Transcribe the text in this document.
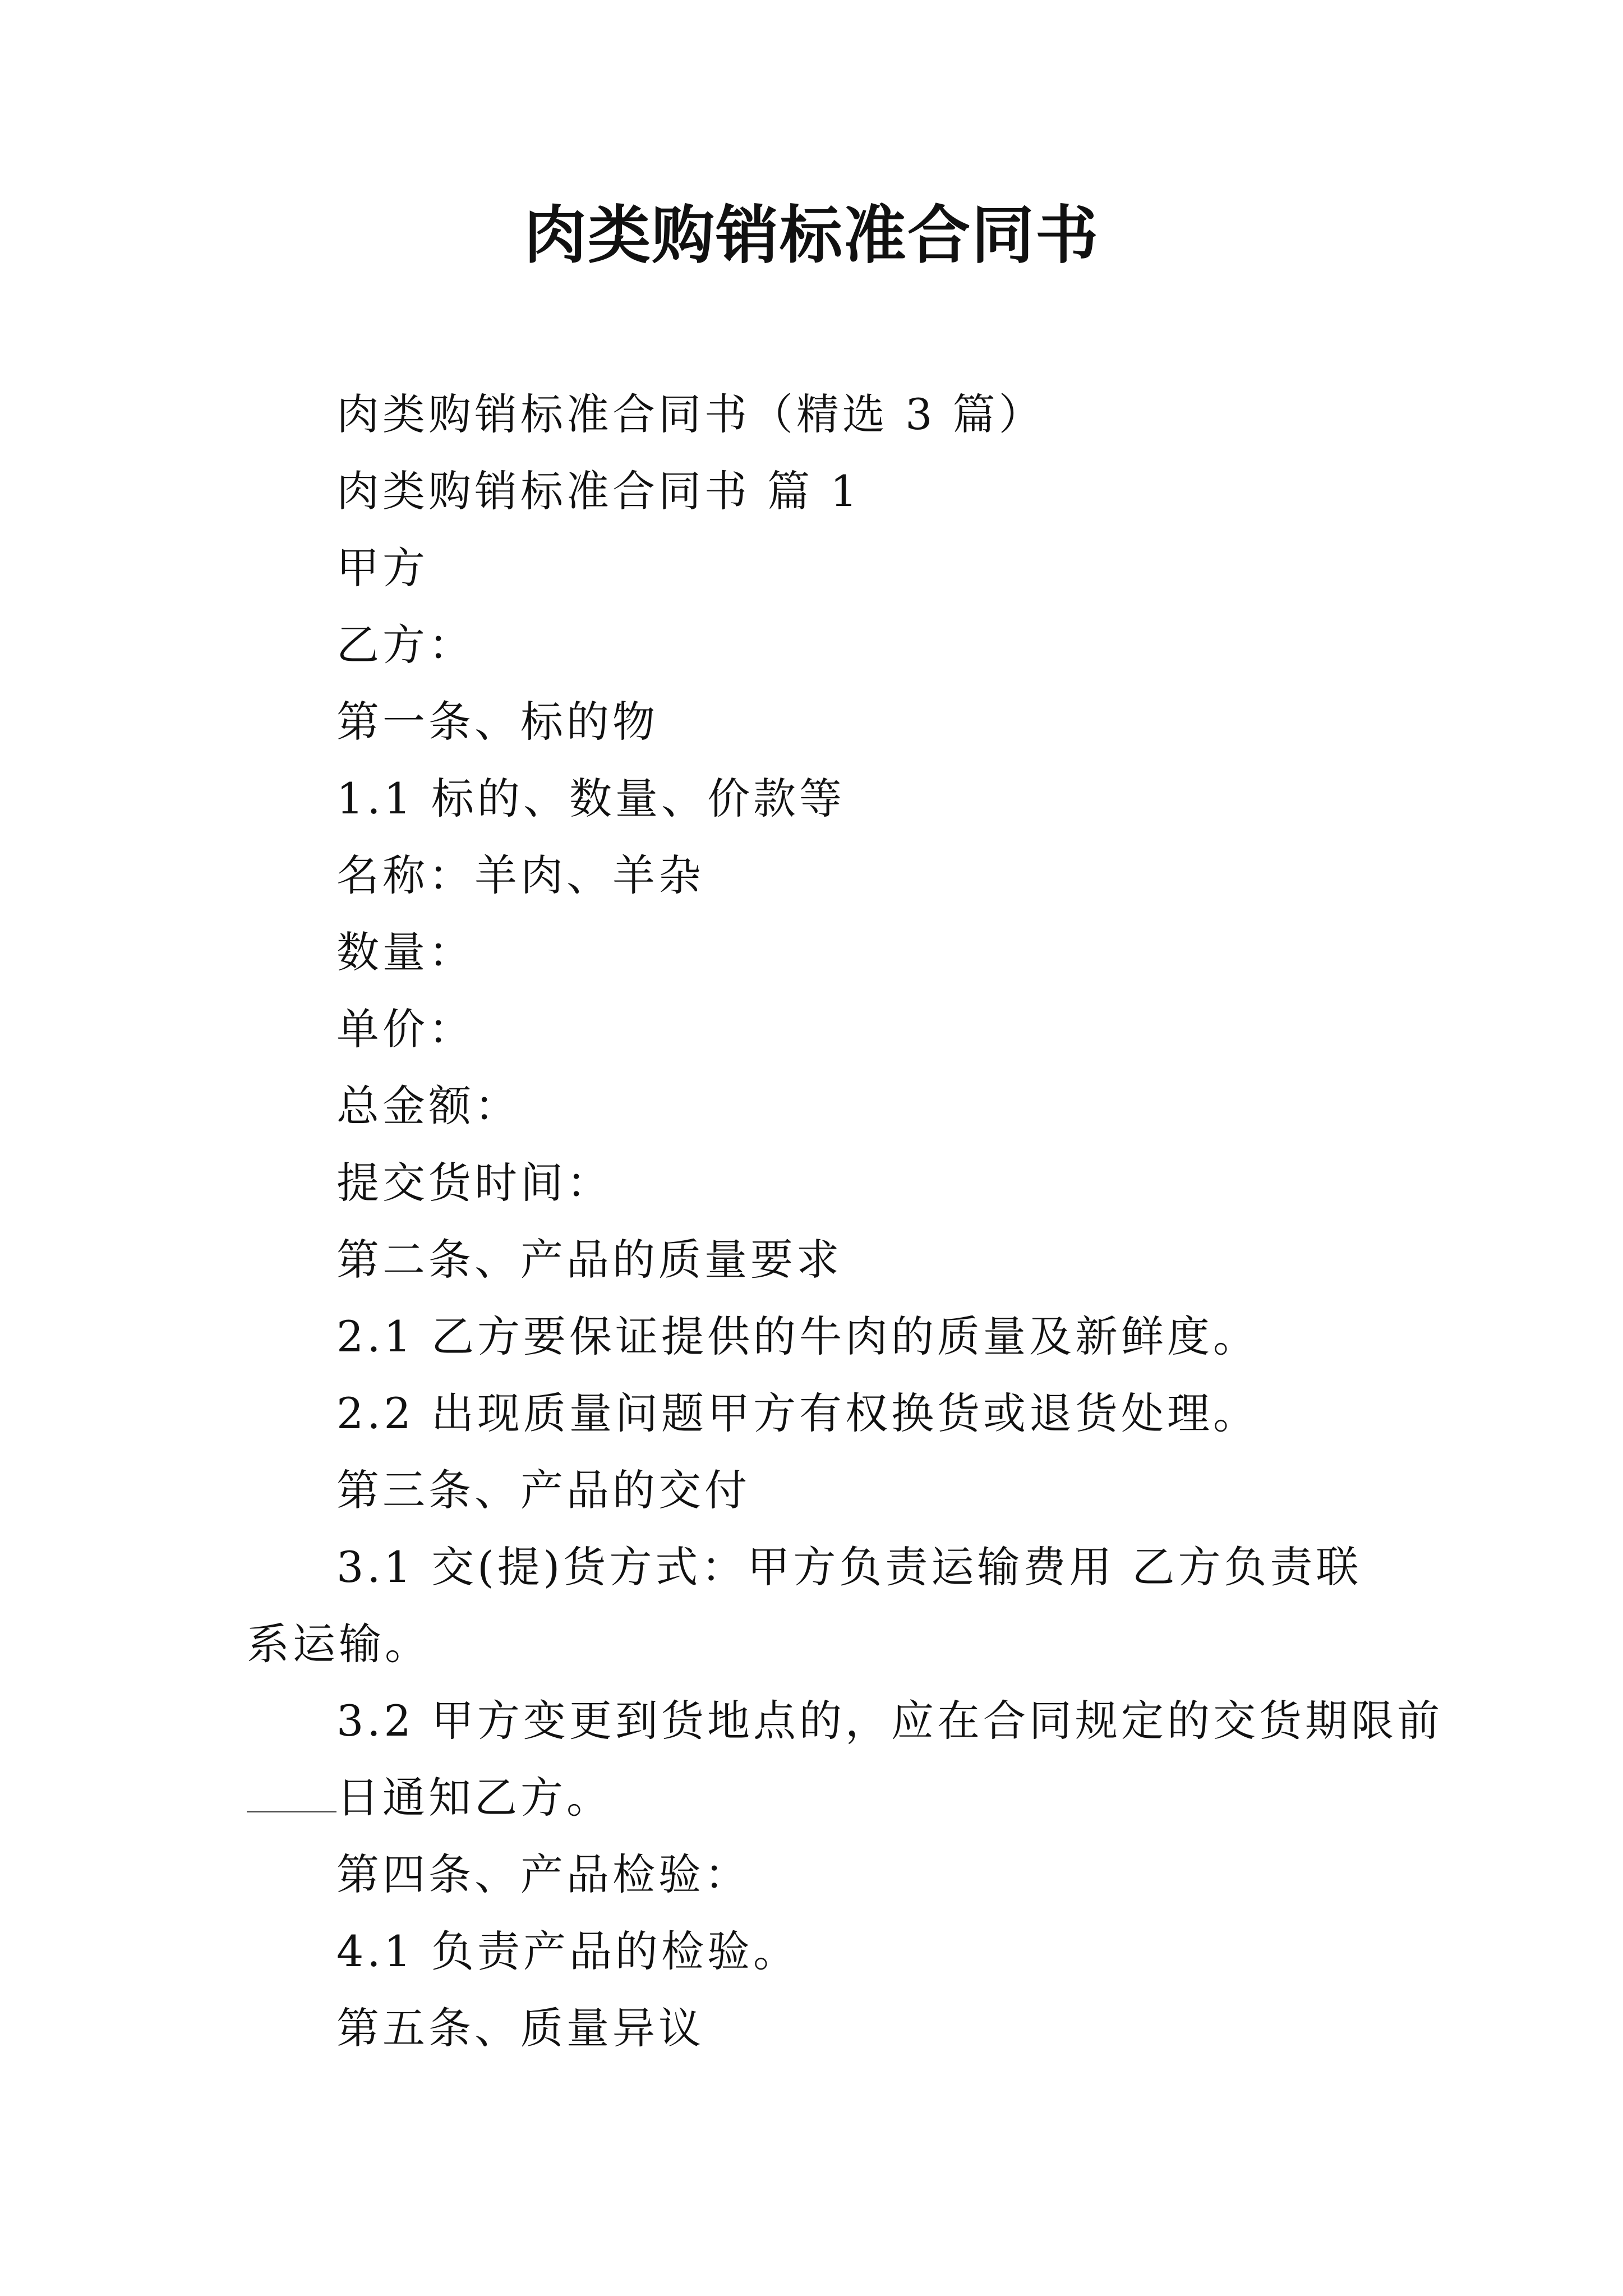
肉类购销标准合同书
肉类购销标准合同书（精选 3 篇）
肉类购销标准合同书 篇 1
甲方
乙方：
第一条、标的物
1.1 标的、数量、价款等
名称：羊肉、羊杂
数量：
单价：
总金额：
提交货时间：
第二条、产品的质量要求
2.1 乙方要保证提供的牛肉的质量及新鲜度。
2.2 出现质量问题甲方有权换货或退货处理。
第三条、产品的交付
3.1 交(提)货方式：甲方负责运输费用 乙方负责联系运输。
3.2 甲方变更到货地点的，应在合同规定的交货期限前
日通知乙方。
第四条、产品检验：
4.1 负责产品的检验。
第五条、质量异议
